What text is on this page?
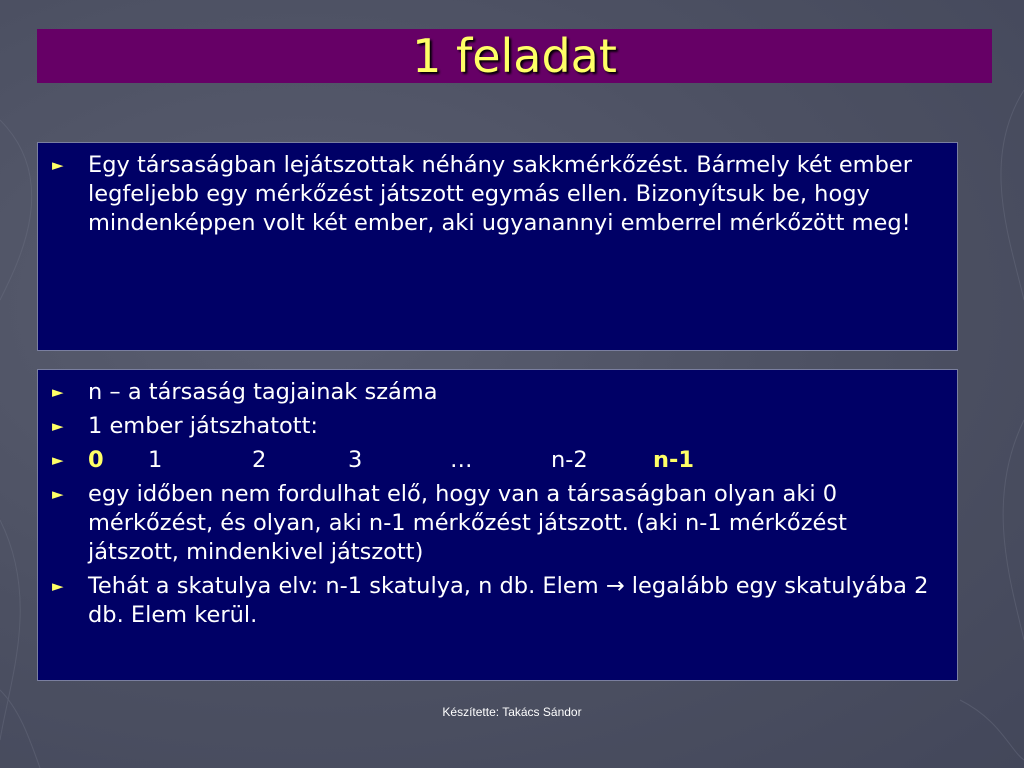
1 feladat
► Egy társaságban lejátszottak néhány sakkmérkőzést. Bármely két ember legfeljebb egy mérkőzést játszott egymás ellen. Bizonyítsuk be, hogy mindenképpen volt két ember, aki ugyanannyi emberrel mérkőzött meg!
► n – a társaság tagjainak száma
► 1 ember játszhatott:
► 0 1	2	3	…	n-2	n-1
► egy időben nem fordulhat elő, hogy van a társaságban olyan aki 0 mérkőzést, és olyan, aki n-1 mérkőzést játszott. (aki n-1 mérkőzést játszott, mindenkivel játszott)
► Tehát a skatulya elv: n-1 skatulya, n db. Elem → legalább egy skatulyába 2 db. Elem kerül.
Készítette: Takács Sándor
